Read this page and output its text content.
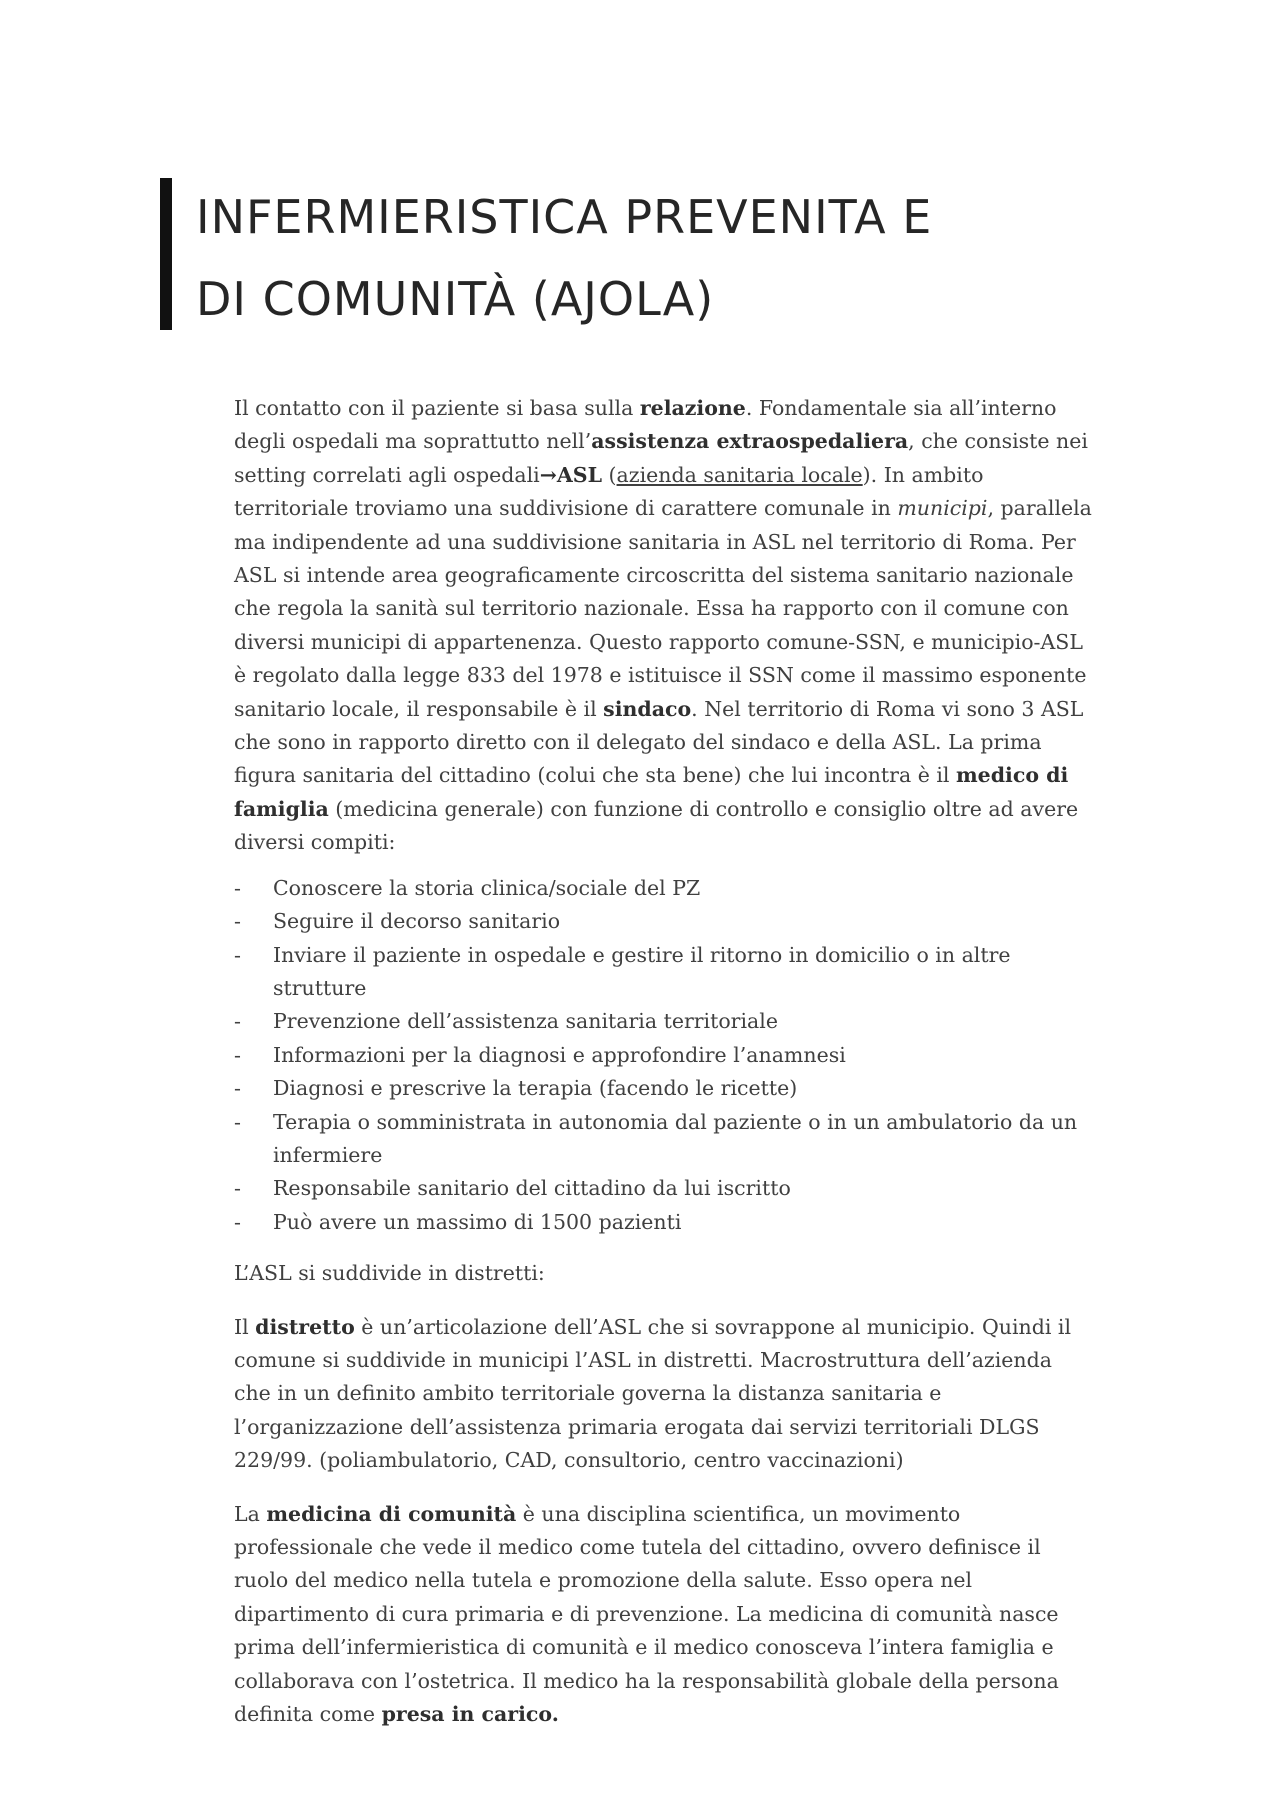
INFERMIERISTICA PREVENITA E
DI COMUNITÀ (AJOLA)

Il contatto con il paziente si basa sulla relazione. Fondamentale sia all’interno degli ospedali ma soprattutto nell’assistenza extraospedaliera, che consiste nei setting correlati agli ospedali→ASL (azienda sanitaria locale). In ambito territoriale troviamo una suddivisione di carattere comunale in municipi, parallela ma indipendente ad una suddivisione sanitaria in ASL nel territorio di Roma. Per ASL si intende area geograficamente circoscritta del sistema sanitario nazionale che regola la sanità sul territorio nazionale. Essa ha rapporto con il comune con diversi municipi di appartenenza. Questo rapporto comune-SSN, e municipio-ASL è regolato dalla legge 833 del 1978 e istituisce il SSN come il massimo esponente sanitario locale, il responsabile è il sindaco. Nel territorio di Roma vi sono 3 ASL che sono in rapporto diretto con il delegato del sindaco e della ASL. La prima figura sanitaria del cittadino (colui che sta bene) che lui incontra è il medico di famiglia (medicina generale) con funzione di controllo e consiglio oltre ad avere diversi compiti:

- Conoscere la storia clinica/sociale del PZ
- Seguire il decorso sanitario
- Inviare il paziente in ospedale e gestire il ritorno in domicilio o in altre strutture
- Prevenzione dell’assistenza sanitaria territoriale
- Informazioni per la diagnosi e approfondire l’anamnesi
- Diagnosi e prescrive la terapia (facendo le ricette)
- Terapia o somministrata in autonomia dal paziente o in un ambulatorio da un infermiere
- Responsabile sanitario del cittadino da lui iscritto
- Può avere un massimo di 1500 pazienti

L’ASL si suddivide in distretti:

Il distretto è un’articolazione dell’ASL che si sovrappone al municipio. Quindi il comune si suddivide in municipi l’ASL in distretti. Macrostruttura dell’azienda che in un definito ambito territoriale governa la distanza sanitaria e l’organizzazione dell’assistenza primaria erogata dai servizi territoriali DLGS 229/99. (poliambulatorio, CAD, consultorio, centro vaccinazioni)

La medicina di comunità è una disciplina scientifica, un movimento professionale che vede il medico come tutela del cittadino, ovvero definisce il ruolo del medico nella tutela e promozione della salute. Esso opera nel dipartimento di cura primaria e di prevenzione. La medicina di comunità nasce prima dell’infermieristica di comunità e il medico conosceva l’intera famiglia e collaborava con l’ostetrica. Il medico ha la responsabilità globale della persona definita come presa in carico.
